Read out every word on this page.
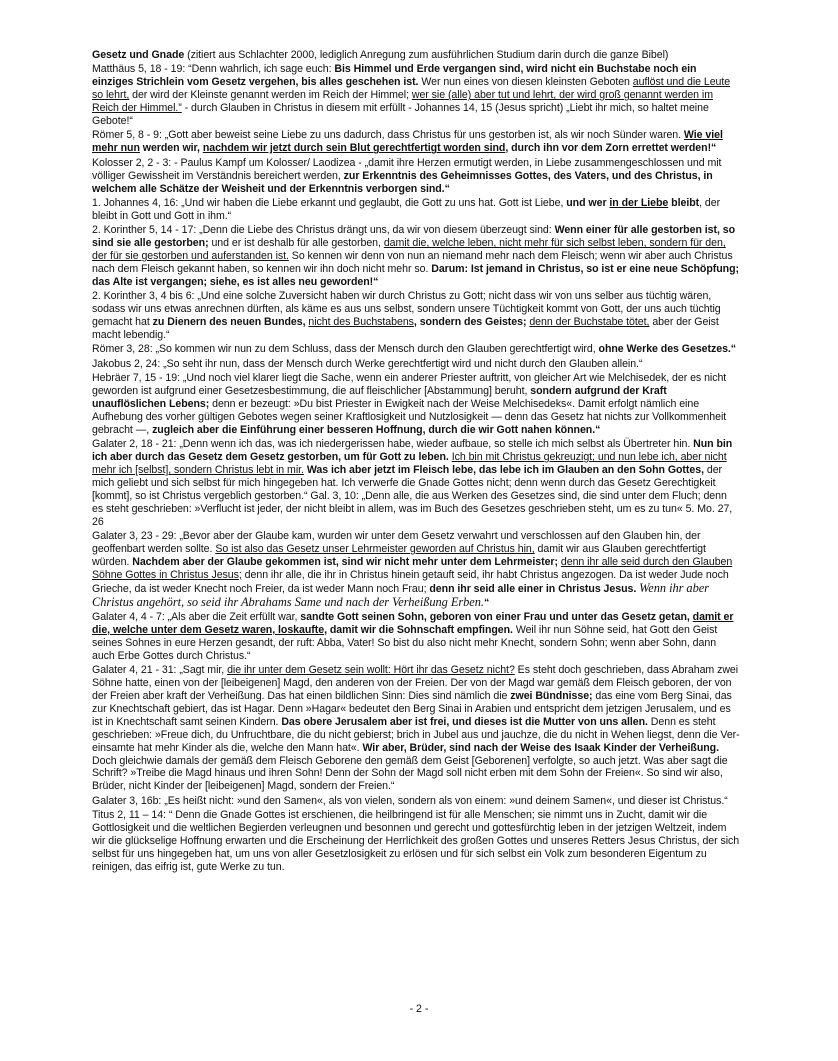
Gesetz und Gnade (zitiert aus Schlachter 2000, lediglich Anregung zum ausführlichen Studium darin durch die ganze Bibel)
Matthäus 5, 18 - 19: “Denn wahrlich, ich sage euch: Bis Himmel und Erde vergangen sind, wird nicht ein Buchstabe noch ein einziges Strichlein vom Gesetz vergehen, bis alles geschehen ist. Wer nun eines von diesen kleinsten Geboten auflöst und die Leute so lehrt, der wird der Kleinste genannt werden im Reich der Himmel; wer sie (alle) aber tut und lehrt, der wird groß genannt werden im Reich der Himmel.” - durch Glauben in Christus in diesem mit erfüllt - Johannes 14, 15 (Jesus spricht) „Liebt ihr mich, so haltet meine Gebote!“
Römer 5, 8 - 9: „Gott aber beweist seine Liebe zu uns dadurch, dass Christus für uns gestorben ist, als wir noch Sünder waren. Wie viel mehr nun werden wir, nachdem wir jetzt durch sein Blut gerechtfertigt worden sind, durch ihn vor dem Zorn errettet werden!“
Kolosser 2, 2 - 3: - Paulus Kampf um Kolosser/ Laodizea - „damit ihre Herzen ermutigt werden, in Liebe zusammengeschlossen und mit völliger Gewissheit im Verständnis bereichert werden, zur Erkenntnis des Geheimnisses Gottes, des Vaters, und des Christus, in welchem alle Schätze der Weisheit und der Erkenntnis verborgen sind.“
1. Johannes 4, 16: „Und wir haben die Liebe erkannt und geglaubt, die Gott zu uns hat. Gott ist Liebe, und wer in der Liebe bleibt, der bleibt in Gott und Gott in ihm.“
2. Korinther 5, 14 - 17: „Denn die Liebe des Christus drängt uns, da wir von diesem überzeugt sind: Wenn einer für alle gestorben ist, so sind sie alle gestorben; und er ist deshalb für alle gestorben, damit die, welche leben, nicht mehr für sich selbst leben, sondern für den, der für sie gestorben und auferstanden ist. So kennen wir denn von nun an niemand mehr nach dem Fleisch; wenn wir aber auch Christus nach dem Fleisch gekannt haben, so kennen wir ihn doch nicht mehr so. Darum: Ist jemand in Christus, so ist er eine neue Schöpfung; das Alte ist vergangen; siehe, es ist alles neu geworden!“
2. Korinther 3, 4 bis 6: „Und eine solche Zuversicht haben wir durch Christus zu Gott; nicht dass wir von uns selber aus tüchtig wären, sodass wir uns etwas anrechnen dürften, als käme es aus uns selbst, sondern unsere Tüchtigkeit kommt von Gott, der uns auch tüchtig gemacht hat zu Dienern des neuen Bundes, nicht des Buchstabens, sondern des Geistes; denn der Buchstabe tötet, aber der Geist macht lebendig.“
Römer 3, 28: „So kommen wir nun zu dem Schluss, dass der Mensch durch den Glauben gerechtfertigt wird, ohne Werke des Gesetzes.“
Jakobus 2, 24: „So seht ihr nun, dass der Mensch durch Werke gerechtfertigt wird und nicht durch den Glauben allein.“
Hebräer 7, 15 - 19: „Und noch viel klarer liegt die Sache, wenn ein anderer Priester auftritt, von gleicher Art wie Melchisedek, der es nicht geworden ist aufgrund einer Gesetzesbestimmung, die auf fleischlicher [Abstammung] beruht, sondern aufgrund der Kraft unauflöslichen Lebens; denn er bezeugt: »Du bist Priester in Ewigkeit nach der Weise Melchisedeks«. Damit erfolgt nämlich eine Aufhebung des vorher gültigen Gebotes wegen seiner Kraftlosigkeit und Nutzlosigkeit — denn das Gesetz hat nichts zur Vollkommenheit gebracht —, zugleich aber die Einführung einer besseren Hoffnung, durch die wir Gott nahen können.“
Galater 2, 18 - 21: „Denn wenn ich das, was ich niedergerissen habe, wieder aufbaue, so stelle ich mich selbst als Übertreter hin. Nun bin ich aber durch das Gesetz dem Gesetz gestorben, um für Gott zu leben. Ich bin mit Christus gekreuzigt; und nun lebe ich, aber nicht mehr ich [selbst], sondern Christus lebt in mir. Was ich aber jetzt im Fleisch lebe, das lebe ich im Glauben an den Sohn Gottes, der mich geliebt und sich selbst für mich hingegeben hat. Ich verwerfe die Gnade Gottes nicht; denn wenn durch das Gesetz Gerechtigkeit [kommt], so ist Christus vergeblich gestorben.“ Gal. 3, 10: „Denn alle, die aus Werken des Gesetzes sind, die sind unter dem Fluch; denn es steht geschrieben: »Verflucht ist jeder, der nicht bleibt in allem, was im Buch des Gesetzes geschrieben steht, um es zu tun« 5. Mo. 27, 26
Galater 3, 23 - 29: „Bevor aber der Glaube kam, wurden wir unter dem Gesetz verwahrt und verschlossen auf den Glauben hin, der geoffenbart werden sollte. So ist also das Gesetz unser Lehrmeister geworden auf Christus hin, damit wir aus Glauben gerechtfertigt würden. Nachdem aber der Glaube gekommen ist, sind wir nicht mehr unter dem Lehrmeister; denn ihr alle seid durch den Glauben Söhne Gottes in Christus Jesus; denn ihr alle, die ihr in Christus hinein getauft seid, ihr habt Christus angezogen. Da ist weder Jude noch Grieche, da ist weder Knecht noch Freier, da ist weder Mann noch Frau; denn ihr seid alle einer in Christus Jesus. Wenn ihr aber Christus angehört, so seid ihr Abrahams Same und nach der Verheißung Erben.“
Galater 4, 4 - 7: „Als aber die Zeit erfüllt war, sandte Gott seinen Sohn, geboren von einer Frau und unter das Gesetz getan, damit er die, welche unter dem Gesetz waren, loskaufte, damit wir die Sohnschaft empfingen. Weil ihr nun Söhne seid, hat Gott den Geist seines Sohnes in eure Herzen gesandt, der ruft: Abba, Vater! So bist du also nicht mehr Knecht, sondern Sohn; wenn aber Sohn, dann auch Erbe Gottes durch Christus.“
Galater 4, 21 - 31: „Sagt mir, die ihr unter dem Gesetz sein wollt: Hört ihr das Gesetz nicht? Es steht doch geschrieben, dass Abraham zwei Söhne hatte, einen von der [leibeigenen] Magd, den anderen von der Freien. Der von der Magd war gemäß dem Fleisch geboren, der von der Freien aber kraft der Verheißung. Das hat einen bildlichen Sinn: Dies sind nämlich die zwei Bündnisse; das eine vom Berg Sinai, das zur Knechtschaft gebiert, das ist Hagar. Denn »Hagar« bedeutet den Berg Sinai in Arabien und entspricht dem jetzigen Jerusalem, und es ist in Knechtschaft samt seinen Kindern. Das obere Jerusalem aber ist frei, und dieses ist die Mutter von uns allen. Denn es steht geschrieben: »Freue dich, du Unfruchtbare, die du nicht gebierst; brich in Jubel aus und jauchze, die du nicht in Wehen liegst, denn die Vereinsamte hat mehr Kinder als die, welche den Mann hat«. Wir aber, Brüder, sind nach der Weise des Isaak Kinder der Verheißung. Doch gleichwie damals der gemäß dem Fleisch Geborene den gemäß dem Geist [Geborenen] verfolgte, so auch jetzt. Was aber sagt die Schrift? »Treibe die Magd hinaus und ihren Sohn! Denn der Sohn der Magd soll nicht erben mit dem Sohn der Freien«. So sind wir also, Brüder, nicht Kinder der [leibeigenen] Magd, sondern der Freien.“
Galater 3, 16b: „Es heißt nicht: »und den Samen«, als von vielen, sondern als von einem: »und deinem Samen«, und dieser ist Christus.“
Titus 2, 11 – 14: “ Denn die Gnade Gottes ist erschienen, die heilbringend ist für alle Menschen; sie nimmt uns in Zucht, damit wir die Gottlosigkeit und die weltlichen Begierden verleugnen und besonnen und gerecht und gottesfürchtig leben in der jetzigen Weltzeit, indem wir die glückselige Hoffnung erwarten und die Erscheinung der Herrlichkeit des großen Gottes und unseres Retters Jesus Christus, der sich selbst für uns hingegeben hat, um uns von aller Gesetzlosigkeit zu erlösen und für sich selbst ein Volk zum besonderen Eigentum zu reinigen, das eifrig ist, gute Werke zu tun.
- 2 -
